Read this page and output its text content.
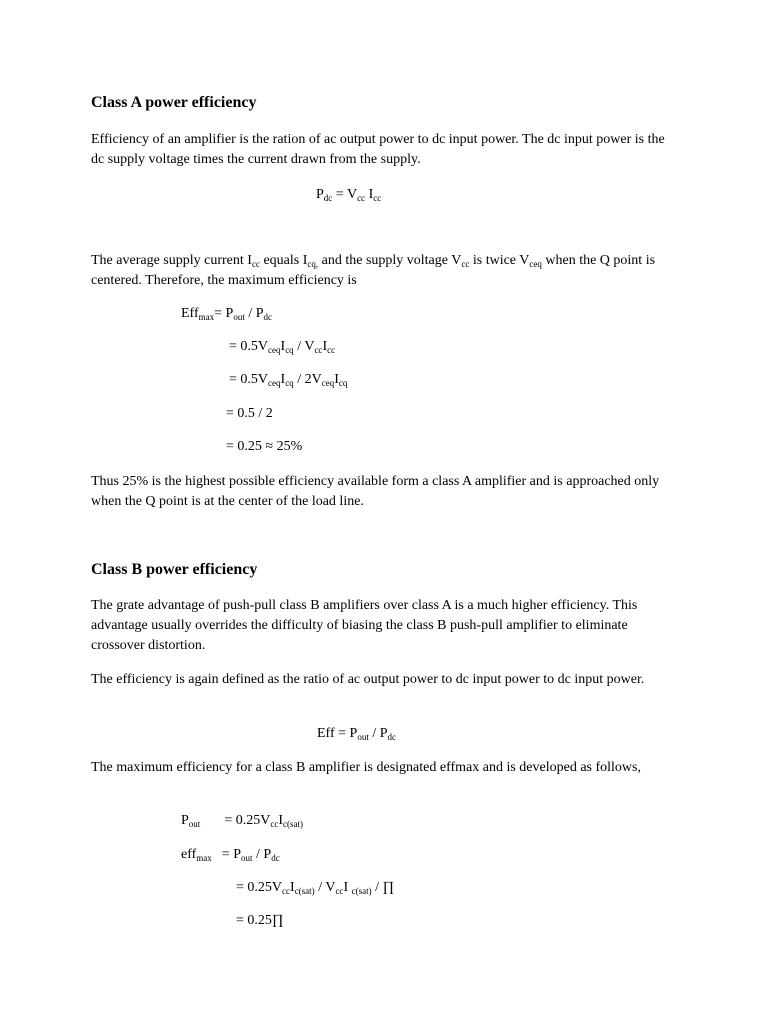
Class A power efficiency

Efficiency of an amplifier is the ration of ac output power to dc input power. The dc input power is the dc supply voltage times the current drawn from the supply.

$P_{dc} = V_{cc}$ $I_{cc}$

The average supply current $I_{cc}$ equals $I_{cq,}$ and the supply voltage $V_{cc}$ is twice $V_{ceq}$ when the Q point is centered. Therefore, the maximum efficiency is

$Eff_{max}= P_{out} / P_{dc}$

= $0.5V_{ceq}I_{cq} / V_{cc}I_{cc}$

= $0.5V_{ceq}I_{cq} / 2V_{ceq}I_{cq}$

= 0.5 / 2

= 0.25 ≈ 25%

Thus 25% is the highest possible efficiency available form a class A amplifier and is approached only when the Q point is at the center of the load line.

Class B power efficiency

The grate advantage of push-pull class B amplifiers over class A is a much higher efficiency. This advantage usually overrides the difficulty of biasing the class B push-pull amplifier to eliminate crossover distortion.

The efficiency is again defined as the ratio of ac output power to dc input power to dc input power.

Eff = $P_{out} / P_{dc}$

The maximum efficiency for a class B amplifier is designated effmax and is developed as follows,

$P_{out} = 0.25V_{cc}I_{c(sat)}$

$eff_{max} = P_{out} / P_{dc}$

= $0.25V_{cc}I_{c(sat)} / V_{cc}I$ $_{c(sat)}$ / ∏

= 0.25∏
